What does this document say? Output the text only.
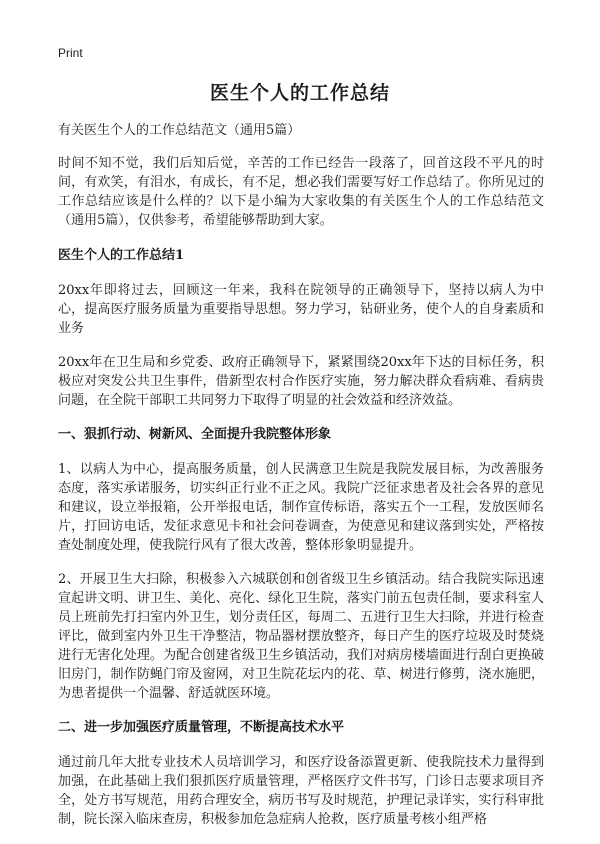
Print
医生个人的工作总结

有关医生个人的工作总结范文（通用5篇）

时间不知不觉，我们后知后觉，辛苦的工作已经告一段落了，回首这段不平凡的时间，有欢笑，有泪水，有成长，有不足，想必我们需要写好工作总结了。你所见过的工作总结应该是什么样的？以下是小编为大家收集的有关医生个人的工作总结范文（通用5篇），仅供参考，希望能够帮助到大家。

医生个人的工作总结1

20xx年即将过去，回顾这一年来，我科在院领导的正确领导下，坚持以病人为中心，提高医疗服务质量为重要指导思想。努力学习，钻研业务，使个人的自身素质和业务

20xx年在卫生局和乡党委、政府正确领导下，紧紧围绕20xx年下达的目标任务，积极应对突发公共卫生事件，借新型农村合作医疗实施，努力解决群众看病难、看病贵问题，在全院干部职工共同努力下取得了明显的社会效益和经济效益。

一、狠抓行动、树新风、全面提升我院整体形象

1、以病人为中心，提高服务质量，创人民满意卫生院是我院发展目标，为改善服务态度，落实承诺服务，切实纠正行业不正之风。我院广泛征求患者及社会各界的意见和建议，设立举报箱，公开举报电话，制作宣传标语，落实五个一工程，发放医师名片，打回访电话，发征求意见卡和社会问卷调查，为使意见和建议落到实处，严格按查处制度处理，使我院行风有了很大改善，整体形象明显提升。

2、开展卫生大扫除，积极参入六城联创和创省级卫生乡镇活动。结合我院实际迅速宣起讲文明、讲卫生、美化、亮化、绿化卫生院，落实门前五包责任制，要求科室人员上班前先打扫室内外卫生，划分责任区，每周二、五进行卫生大扫除，并进行检查评比，做到室内外卫生干净整洁，物品器材摆放整齐，每日产生的医疗垃圾及时焚烧进行无害化处理。为配合创建省级卫生乡镇活动，我们对病房楼墙面进行刮白更换破旧房门，制作防蝇门帘及窗网，对卫生院花坛内的花、草、树进行修剪，浇水施肥，为患者提供一个温馨、舒适就医环境。

二、进一步加强医疗质量管理，不断提高技术水平

通过前几年大批专业技术人员培训学习，和医疗设备添置更新、使我院技术力量得到加强，在此基础上我们狠抓医疗质量管理，严格医疗文件书写，门诊日志要求项目齐全，处方书写规范，用药合理安全，病历书写及时规范，护理记录详实，实行科审批制，院长深入临床查房，积极参加危急症病人抢救，医疗质量考核小组严格
